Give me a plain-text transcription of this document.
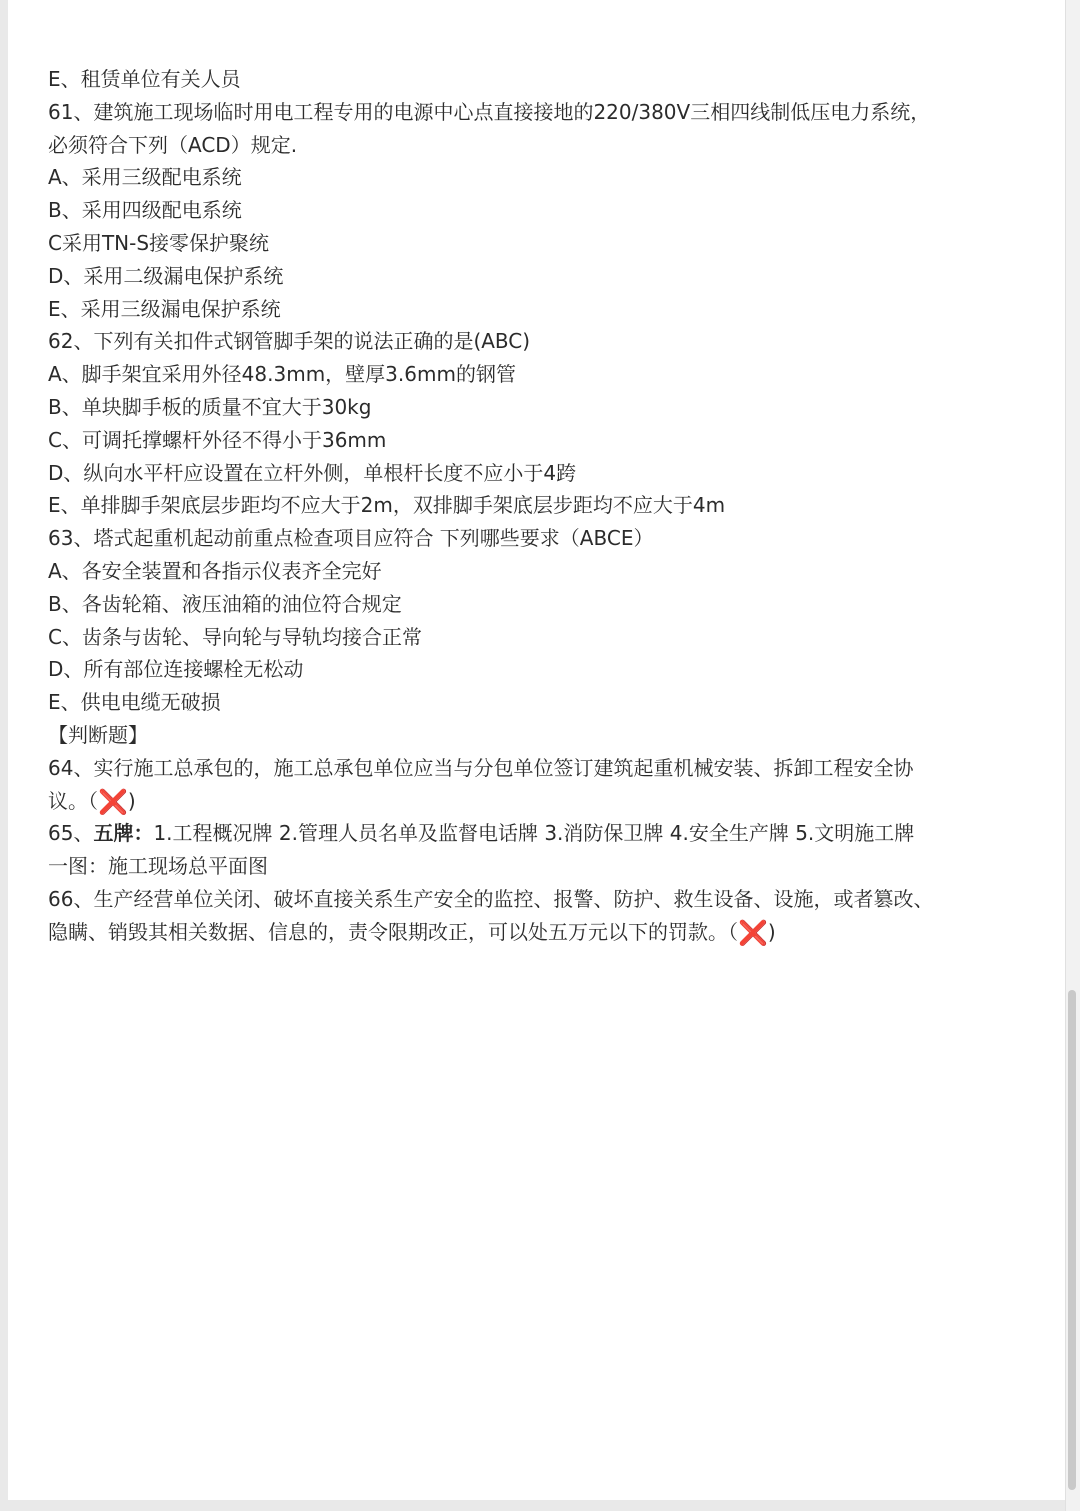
E、租赁单位有关人员
61、建筑施工现场临时用电工程专用的电源中心点直接接地的220/380V三相四线制低压电力系统，
必须符合下列（ACD）规定.
A、采用三级配电系统
B、采用四级配电系统
C采用TN-S接零保护聚统
D、采用二级漏电保护系统
E、采用三级漏电保护系统
62、下列有关扣件式钢管脚手架的说法正确的是(ABC)
A、脚手架宜采用外径48.3mm，壁厚3.6mm的钢管
B、单块脚手板的质量不宜大于30kg
C、可调托撑螺杆外径不得小于36mm
D、纵向水平杆应设置在立杆外侧，单根杆长度不应小于4跨
E、单排脚手架底层步距均不应大于2m，双排脚手架底层步距均不应大于4m
63、塔式起重机起动前重点检查项目应符合 下列哪些要求（ABCE）
A、各安全装置和各指示仪表齐全完好
B、各齿轮箱、液压油箱的油位符合规定
C、齿条与齿轮、导向轮与导轨均接合正常
D、所有部位连接螺栓无松动
E、供电电缆无破损
【判断题】
64、实行施工总承包的，施工总承包单位应当与分包单位签订建筑起重机械安装、拆卸工程安全协
议。（❌)
65、五牌：1.工程概况牌 2.管理人员名单及监督电话牌 3.消防保卫牌 4.安全生产牌 5.文明施工牌
一图：施工现场总平面图
66、生产经营单位关闭、破坏直接关系生产安全的监控、报警、防护、救生设备、设施，或者篡改、
隐瞒、销毁其相关数据、信息的，责令限期改正，可以处五万元以下的罚款。（❌)
